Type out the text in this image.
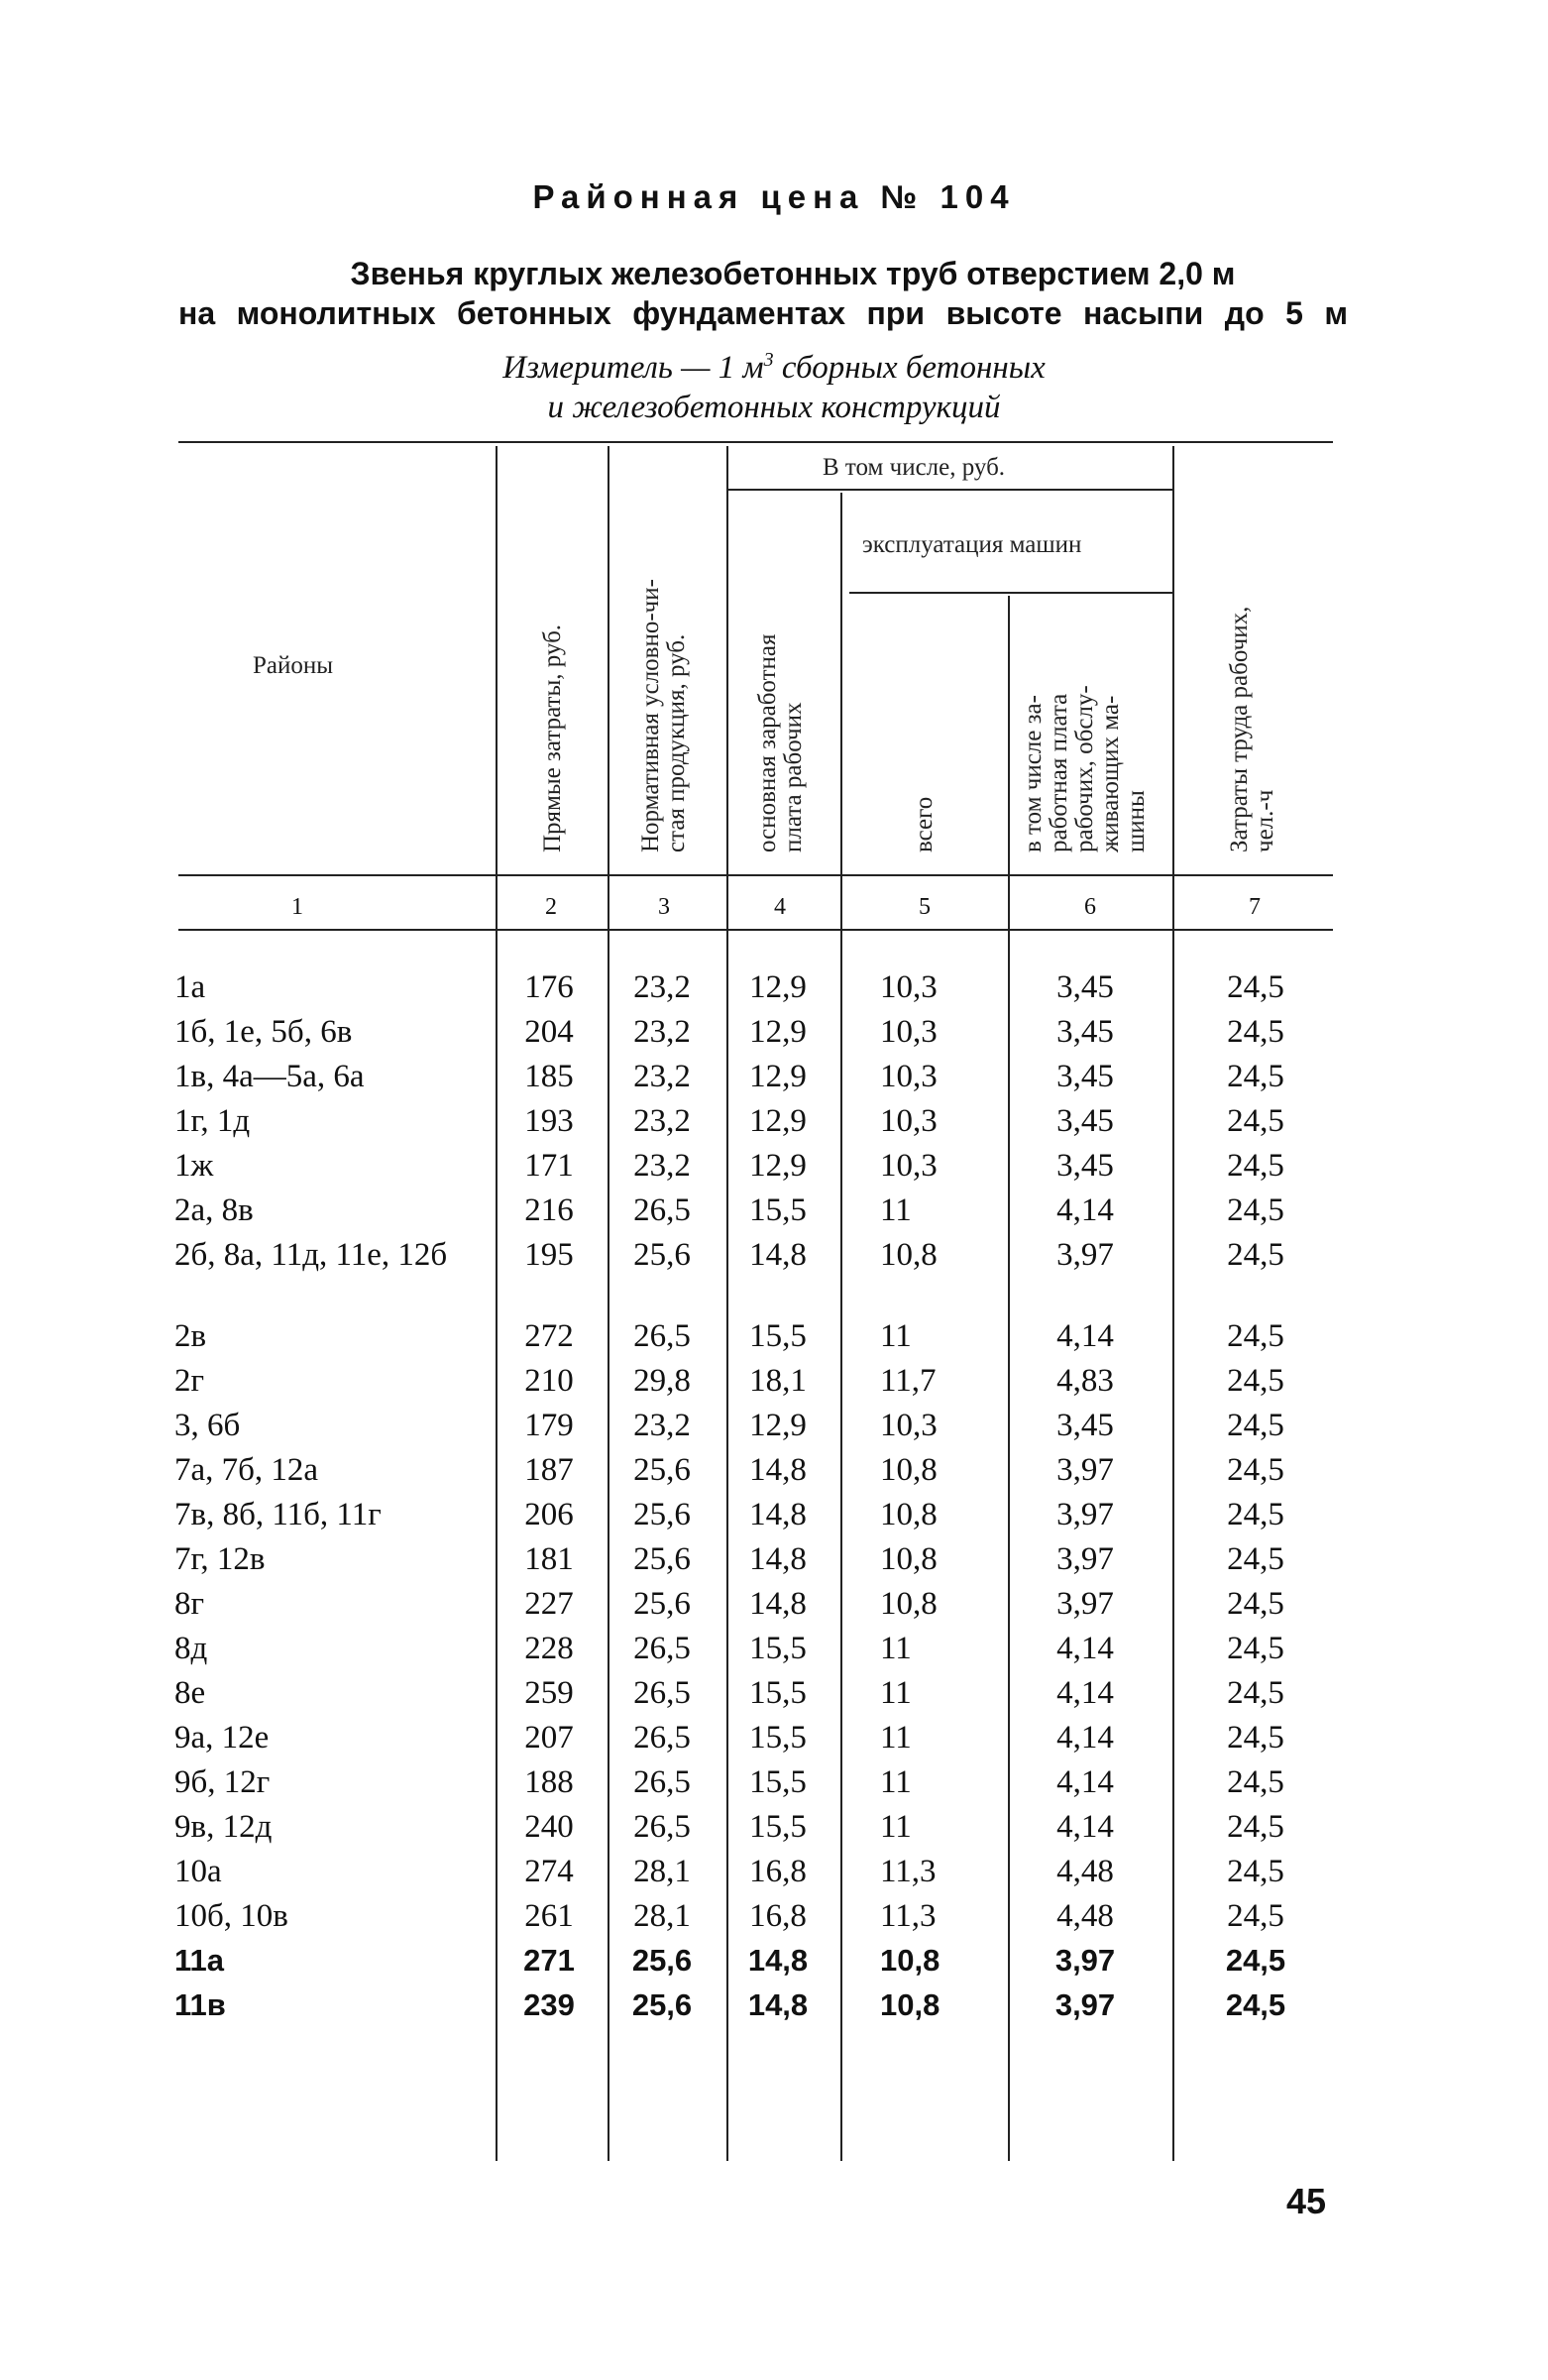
Районная цена № 104
Звенья круглых железобетонных труб отверстием 2,0 м
на монолитных бетонных фундаментах при высоте насыпи до 5 м
Измеритель — 1 $м^3$ сборных бетонных
и железобетонных конструкций
Районы	Прямые затраты, руб.	Нормативная условно-чи-
стая продукция, руб.
В том числе, руб.
основная заработная
плата рабочих
эксплуатация машин
всего	в том числе за-
работная плата
рабочих, обслу-
живающих ма-
шины	Затраты труда рабочих,
чел.-ч
1	2	3	4	5	6	7
1а	176	23,2	12,9	10,3	3,45	24,5
1б, 1е, 5б, 6в	204	23,2	12,9	10,3	3,45	24,5
1в, 4а—5а, 6а	185	23,2	12,9	10,3	3,45	24,5
1г, 1д	193	23,2	12,9	10,3	3,45	24,5
1ж	171	23,2	12,9	10,3	3,45	24,5
2а, 8в	216	26,5	15,5	11	4,14	24,5
2б, 8а, 11д, 11е, 12б	195	25,6	14,8	10,8	3,97	24,5
2в	272	26,5	15,5	11	4,14	24,5
2г	210	29,8	18,1	11,7	4,83	24,5
3, 6б	179	23,2	12,9	10,3	3,45	24,5
7а, 7б, 12а	187	25,6	14,8	10,8	3,97	24,5
7в, 8б, 11б, 11г	206	25,6	14,8	10,8	3,97	24,5
7г, 12в	181	25,6	14,8	10,8	3,97	24,5
8г	227	25,6	14,8	10,8	3,97	24,5
8д	228	26,5	15,5	11	4,14	24,5
8е	259	26,5	15,5	11	4,14	24,5
9а, 12е	207	26,5	15,5	11	4,14	24,5
9б, 12г	188	26,5	15,5	11	4,14	24,5
9в, 12д	240	26,5	15,5	11	4,14	24,5
10а	274	28,1	16,8	11,3	4,48	24,5
10б, 10в	261	28,1	16,8	11,3	4,48	24,5
11а	271	25,6	14,8	10,8	3,97	24,5
11в	239	25,6	14,8	10,8	3,97	24,5
45
